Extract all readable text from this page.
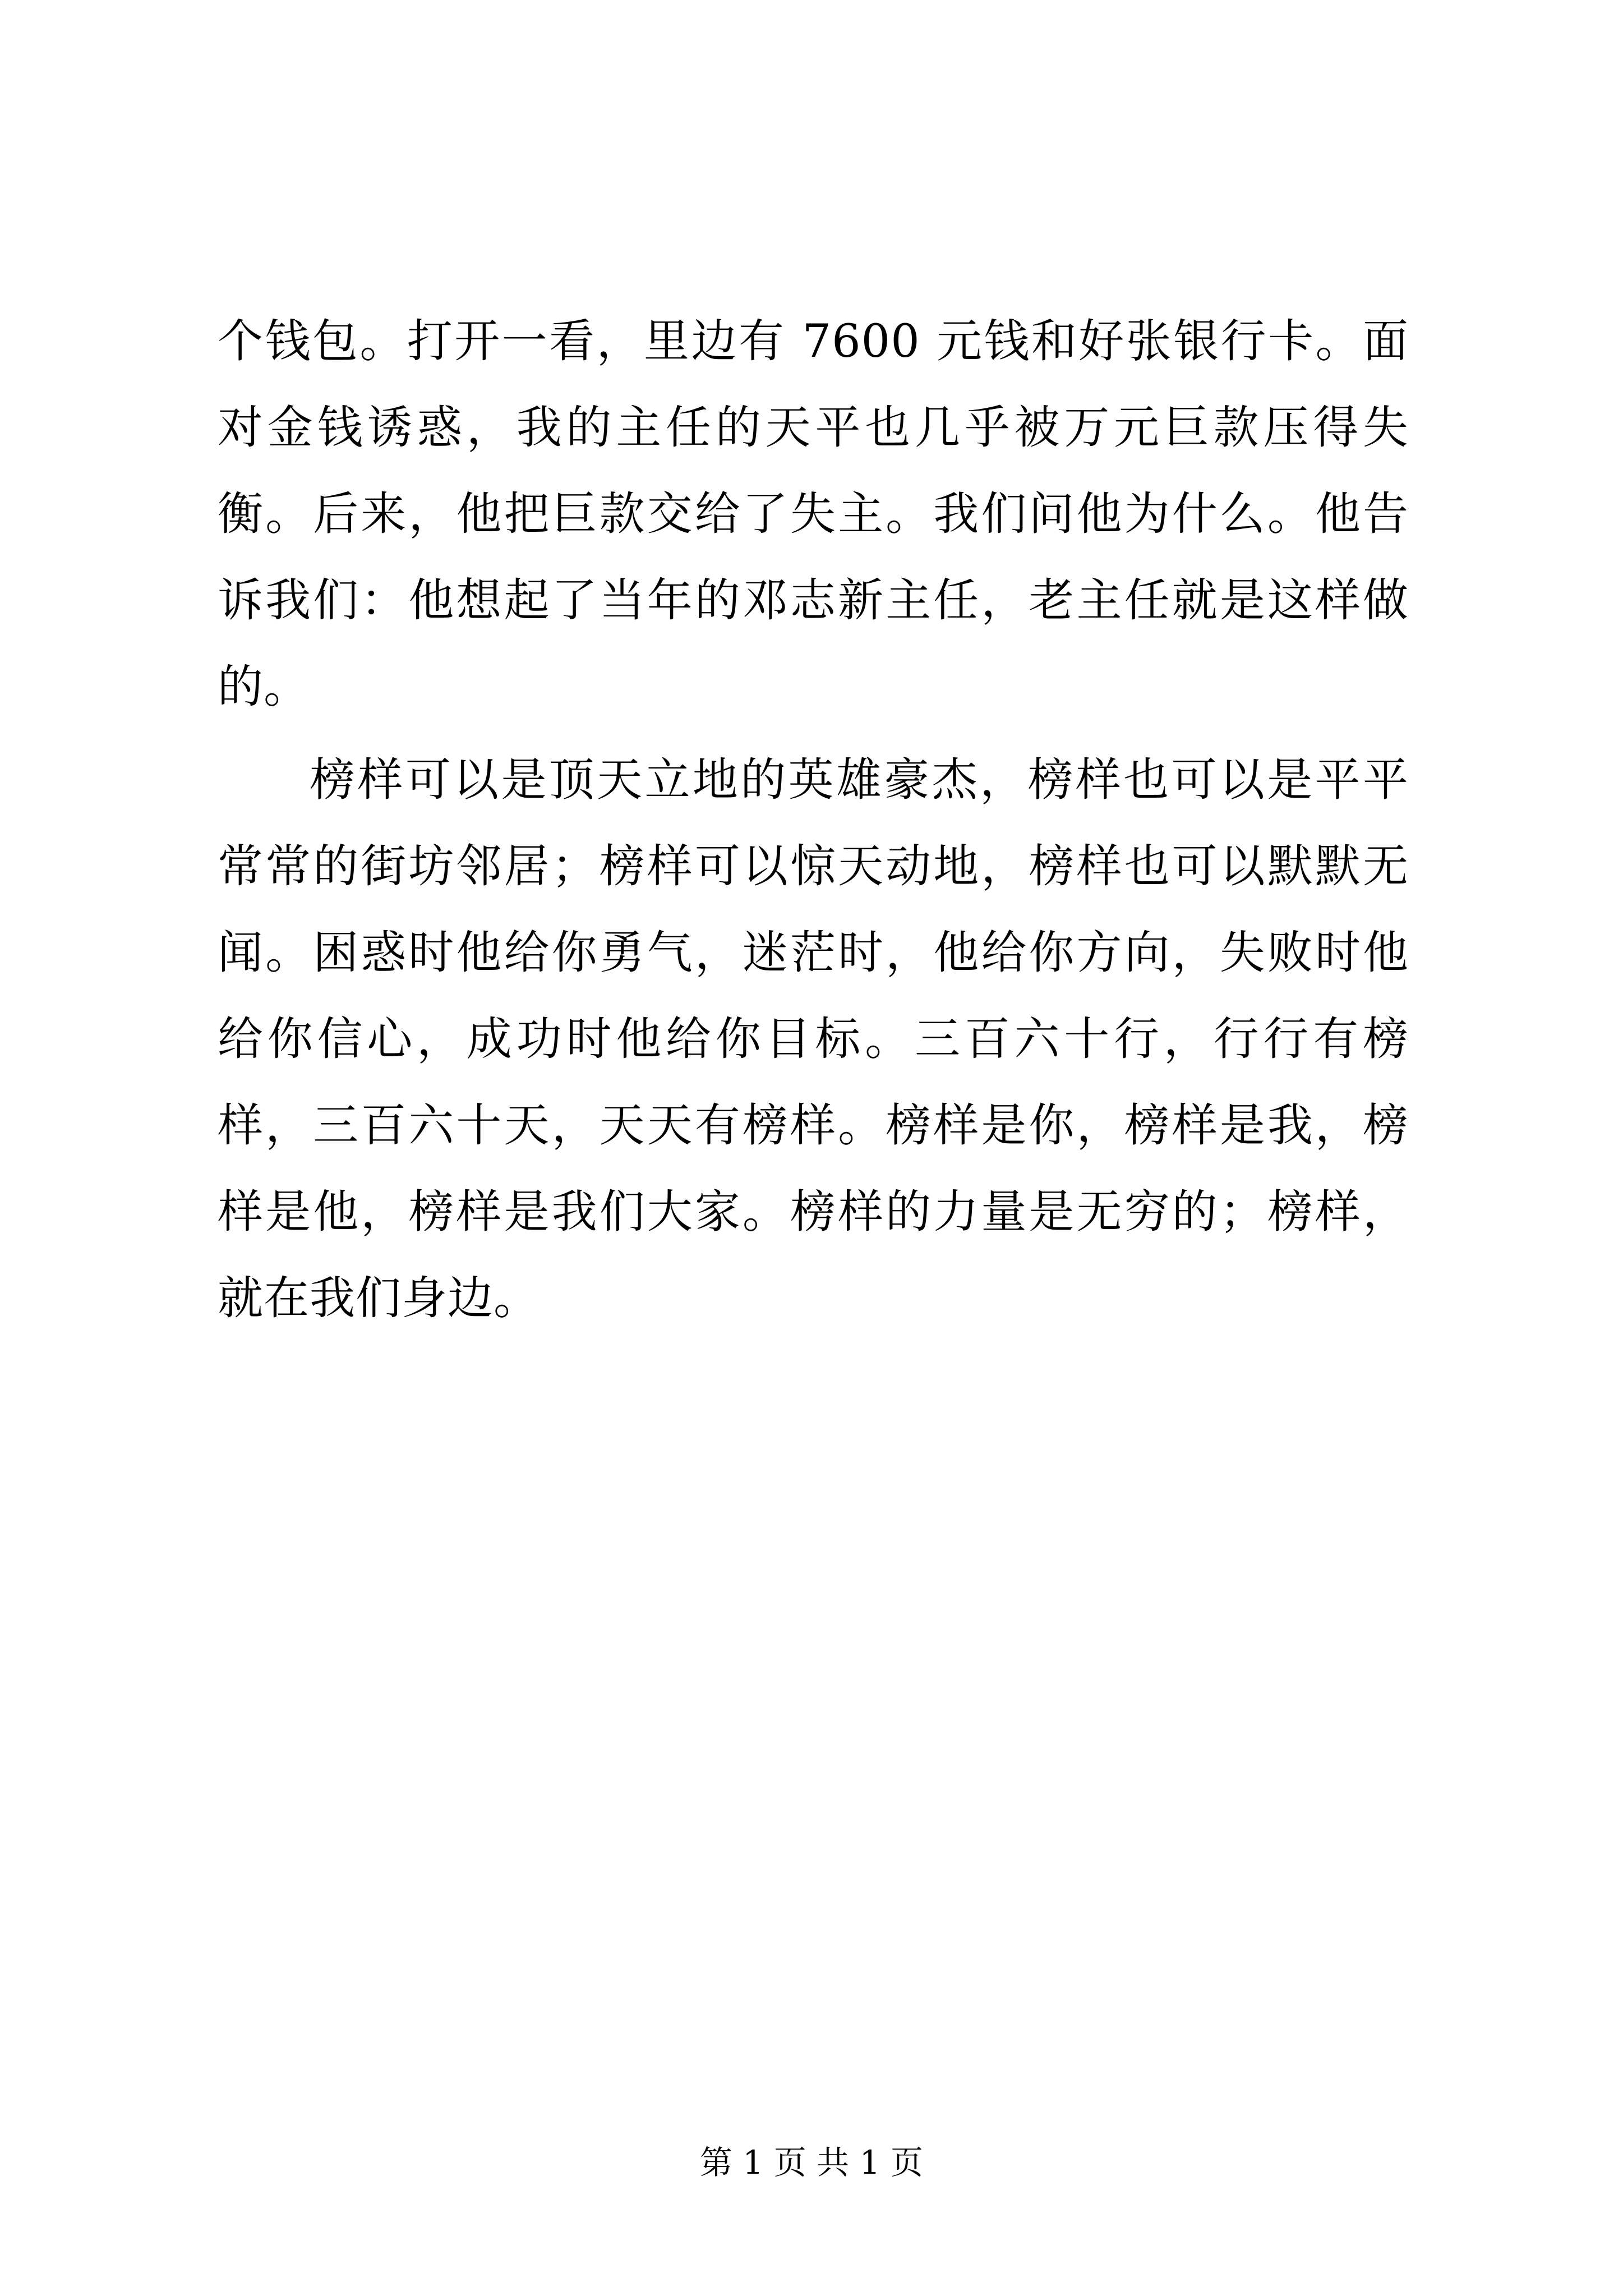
个钱包。打开一看，里边有 7600 元钱和好张银行卡。面对金钱诱惑，我的主任的天平也几乎被万元巨款压得失衡。后来，他把巨款交给了失主。我们问他为什么。他告诉我们：他想起了当年的邓志新主任，老主任就是这样做的。

榜样可以是顶天立地的英雄豪杰，榜样也可以是平平常常的街坊邻居；榜样可以惊天动地，榜样也可以默默无闻。困惑时他给你勇气，迷茫时，他给你方向，失败时他给你信心，成功时他给你目标。三百六十行，行行有榜样，三百六十天，天天有榜样。榜样是你，榜样是我，榜样是他，榜样是我们大家。榜样的力量是无穷的；榜样，就在我们身边。

第 1 页 共 1 页
